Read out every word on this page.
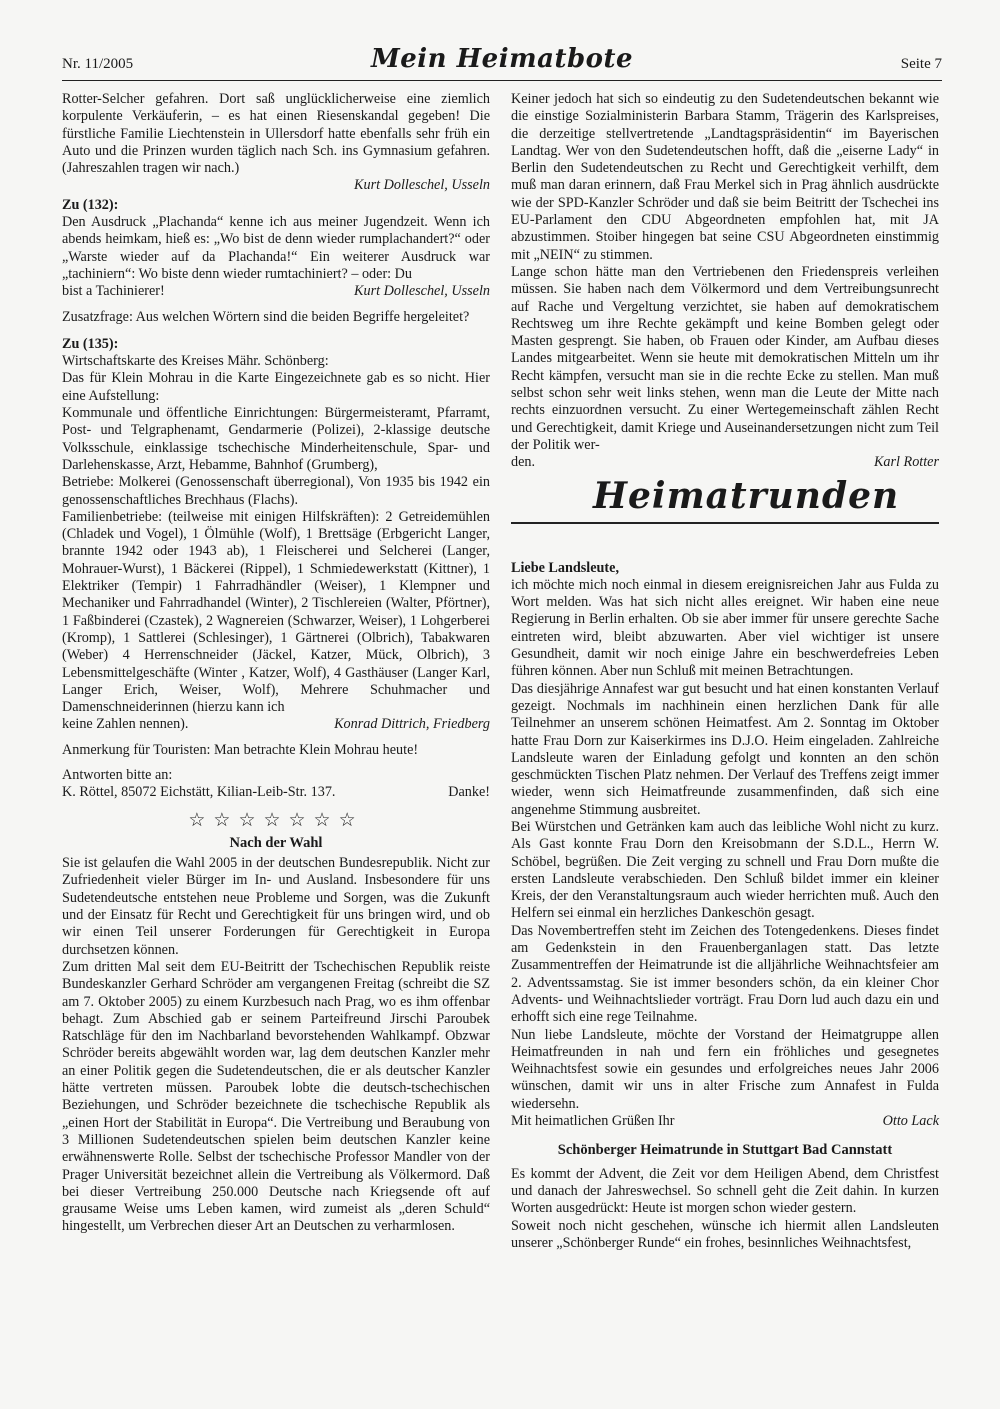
Nr. 11/2005	Mein Heimatbote	Seite 7

Rotter-Selcher gefahren. Dort saß unglücklicherweise eine ziemlich korpulente Verkäuferin, – es hat einen Riesenskandal gegeben! Die fürstliche Familie Liechtenstein in Ullersdorf hatte ebenfalls sehr früh ein Auto und die Prinzen wurden täglich nach Sch. ins Gymnasium gefahren. (Jahreszahlen tragen wir nach.)

Kurt Dolleschel, Usseln

Zu (132):

Den Ausdruck „Plachanda“ kenne ich aus meiner Jugendzeit. Wenn ich abends heimkam, hieß es: „Wo bist de denn wieder rumplachandert?“ oder „Warste wieder auf da Plachanda!“ Ein weiterer Ausdruck war „tachiniern“: Wo biste denn wieder rumtachiniert? – oder: Du

bist a Tachinierer!	Kurt Dolleschel, Usseln

Zusatzfrage: Aus welchen Wörtern sind die beiden Begriffe hergeleitet?

Zu (135):

Wirtschaftskarte des Kreises Mähr. Schönberg:

Das für Klein Mohrau in die Karte Eingezeichnete gab es so nicht. Hier eine Aufstellung:

Kommunale und öffentliche Einrichtungen: Bürgermeisteramt, Pfarramt, Post- und Telgraphenamt, Gendarmerie (Polizei), 2-klassige deutsche Volksschule, einklassige tschechische Minderheitenschule, Spar- und Darlehenskasse, Arzt, Hebamme, Bahnhof (Grumberg),

Betriebe: Molkerei (Genossenschaft überregional), Von 1935 bis 1942 ein genossenschaftliches Brechhaus (Flachs).

Familienbetriebe: (teilweise mit einigen Hilfskräften): 2 Getreidemühlen (Chladek und Vogel), 1 Ölmühle (Wolf), 1 Brettsäge (Erbgericht Langer, brannte 1942 oder 1943 ab), 1 Fleischerei und Selcherei (Langer, Mohrauer-Wurst), 1 Bäckerei (Rippel), 1 Schmiedewerkstatt (Kittner), 1 Elektriker (Tempir) 1 Fahrradhändler (Weiser), 1 Klempner und Mechaniker und Fahrradhandel (Winter), 2 Tischlereien (Walter, Pförtner), 1 Faßbinderei (Czastek), 2 Wagnereien (Schwarzer, Weiser), 1 Lohgerberei (Kromp), 1 Sattlerei (Schlesinger), 1 Gärtnerei (Olbrich), Tabakwaren (Weber) 4 Herrenschneider (Jäckel, Katzer, Mück, Olbrich), 3 Lebensmittelgeschäfte (Winter , Katzer, Wolf), 4 Gasthäuser (Langer Karl, Langer Erich, Weiser, Wolf), Mehrere Schuhmacher und Damenschneiderinnen (hierzu kann ich

keine Zahlen nennen).	Konrad Dittrich, Friedberg

Anmerkung für Touristen: Man betrachte Klein Mohrau heute!

Antworten bitte an:

K. Röttel, 85072 Eichstätt, Kilian-Leib-Str. 137.	Danke!
☆☆☆☆☆☆☆
Nach der Wahl

Sie ist gelaufen die Wahl 2005 in der deutschen Bundesrepublik. Nicht zur Zufriedenheit vieler Bürger im In- und Ausland. Insbesondere für uns Sudetendeutsche entstehen neue Probleme und Sorgen, was die Zukunft und der Einsatz für Recht und Gerechtigkeit für uns bringen wird, und ob wir einen Teil unserer Forderungen für Gerechtigkeit in Europa durchsetzen können.

Zum dritten Mal seit dem EU-Beitritt der Tschechischen Republik reiste Bundeskanzler Gerhard Schröder am vergangenen Freitag (schreibt die SZ am 7. Oktober 2005) zu einem Kurzbesuch nach Prag, wo es ihm offenbar behagt. Zum Abschied gab er seinem Parteifreund Jirschi Paroubek Ratschläge für den im Nachbarland bevorstehenden Wahlkampf. Obzwar Schröder bereits abgewählt worden war, lag dem deutschen Kanzler mehr an einer Politik gegen die Sudetendeutschen, die er als deutscher Kanzler hätte vertreten müssen. Paroubek lobte die deutsch-tschechischen Beziehungen, und Schröder bezeichnete die tschechische Republik als „einen Hort der Stabilität in Europa“. Die Vertreibung und Beraubung von 3 Millionen Sudetendeutschen spielen beim deutschen Kanzler keine erwähnenswerte Rolle. Selbst der tschechische Professor Mandler von der Prager Universität bezeichnet allein die Vertreibung als Völkermord. Daß bei dieser Vertreibung 250.000 Deutsche nach Kriegsende oft auf grausame Weise ums Leben kamen, wird zumeist als „deren Schuld“ hingestellt, um Verbrechen dieser Art an Deutschen zu verharmlosen.

Keiner jedoch hat sich so eindeutig zu den Sudetendeutschen bekannt wie die einstige Sozialministerin Barbara Stamm, Trägerin des Karlspreises, die derzeitige stellvertretende „Landtagspräsidentin“ im Bayerischen Landtag. Wer von den Sudetendeutschen hofft, daß die „eiserne Lady“ in Berlin den Sudetendeutschen zu Recht und Gerechtigkeit verhilft, dem muß man daran erinnern, daß Frau Merkel sich in Prag ähnlich ausdrückte wie der SPD-Kanzler Schröder und daß sie beim Beitritt der Tschechei ins EU-Parlament den CDU Abgeordneten empfohlen hat, mit JA abzustimmen. Stoiber hingegen bat seine CSU Abgeordneten einstimmig mit „NEIN“ zu stimmen.

Lange schon hätte man den Vertriebenen den Friedenspreis verleihen müssen. Sie haben nach dem Völkermord und dem Vertreibungsunrecht auf Rache und Vergeltung verzichtet, sie haben auf demokratischem Rechtsweg um ihre Rechte gekämpft und keine Bomben gelegt oder Masten gesprengt. Sie haben, ob Frauen oder Kinder, am Aufbau dieses Landes mitgearbeitet. Wenn sie heute mit demokratischen Mitteln um ihr Recht kämpfen, versucht man sie in die rechte Ecke zu stellen. Man muß selbst schon sehr weit links stehen, wenn man die Leute der Mitte nach rechts einzuordnen versucht. Zu einer Wertegemeinschaft zählen Recht und Gerechtigkeit, damit Kriege und Auseinandersetzungen nicht zum Teil der Politik wer-

den.	Karl Rotter
Heimatrunden

Liebe Landsleute,

ich möchte mich noch einmal in diesem ereignisreichen Jahr aus Fulda zu Wort melden. Was hat sich nicht alles ereignet. Wir haben eine neue Regierung in Berlin erhalten. Ob sie aber immer für unsere gerechte Sache eintreten wird, bleibt abzuwarten. Aber viel wichtiger ist unsere Gesundheit, damit wir noch einige Jahre ein beschwerdefreies Leben führen können. Aber nun Schluß mit meinen Betrachtungen.

Das diesjährige Annafest war gut besucht und hat einen konstanten Verlauf gezeigt. Nochmals im nachhinein einen herzlichen Dank für alle Teilnehmer an unserem schönen Heimatfest. Am 2. Sonntag im Oktober hatte Frau Dorn zur Kaiserkirmes ins D.J.O. Heim eingeladen. Zahlreiche Landsleute waren der Einladung gefolgt und konnten an den schön geschmückten Tischen Platz nehmen. Der Verlauf des Treffens zeigt immer wieder, wenn sich Heimatfreunde zusammenfinden, daß sich eine angenehme Stimmung ausbreitet.

Bei Würstchen und Getränken kam auch das leibliche Wohl nicht zu kurz. Als Gast konnte Frau Dorn den Kreisobmann der S.D.L., Herrn W. Schöbel, begrüßen. Die Zeit verging zu schnell und Frau Dorn mußte die ersten Landsleute verabschieden. Den Schluß bildet immer ein kleiner Kreis, der den Veranstaltungsraum auch wieder herrichten muß. Auch den Helfern sei einmal ein herzliches Dankeschön gesagt.

Das Novembertreffen steht im Zeichen des Totengedenkens. Dieses findet am Gedenkstein in den Frauenberganlagen statt. Das letzte Zusammentreffen der Heimatrunde ist die alljährliche Weihnachtsfeier am 2. Adventssamstag. Sie ist immer besonders schön, da ein kleiner Chor Advents- und Weihnachtslieder vorträgt. Frau Dorn lud auch dazu ein und erhofft sich eine rege Teilnahme.

Nun liebe Landsleute, möchte der Vorstand der Heimatgruppe allen Heimatfreunden in nah und fern ein fröhliches und gesegnetes Weihnachtsfest sowie ein gesundes und erfolgreiches neues Jahr 2006 wünschen, damit wir uns in alter Frische zum Annafest in Fulda wiedersehn.

Mit heimatlichen Grüßen Ihr	Otto Lack
Schönberger Heimatrunde in Stuttgart Bad Cannstatt

Es kommt der Advent, die Zeit vor dem Heiligen Abend, dem Christfest und danach der Jahreswechsel. So schnell geht die Zeit dahin. In kurzen Worten ausgedrückt: Heute ist morgen schon wieder gestern.

Soweit noch nicht geschehen, wünsche ich hiermit allen Landsleuten unserer „Schönberger Runde“ ein frohes, besinnliches Weihnachtsfest,
